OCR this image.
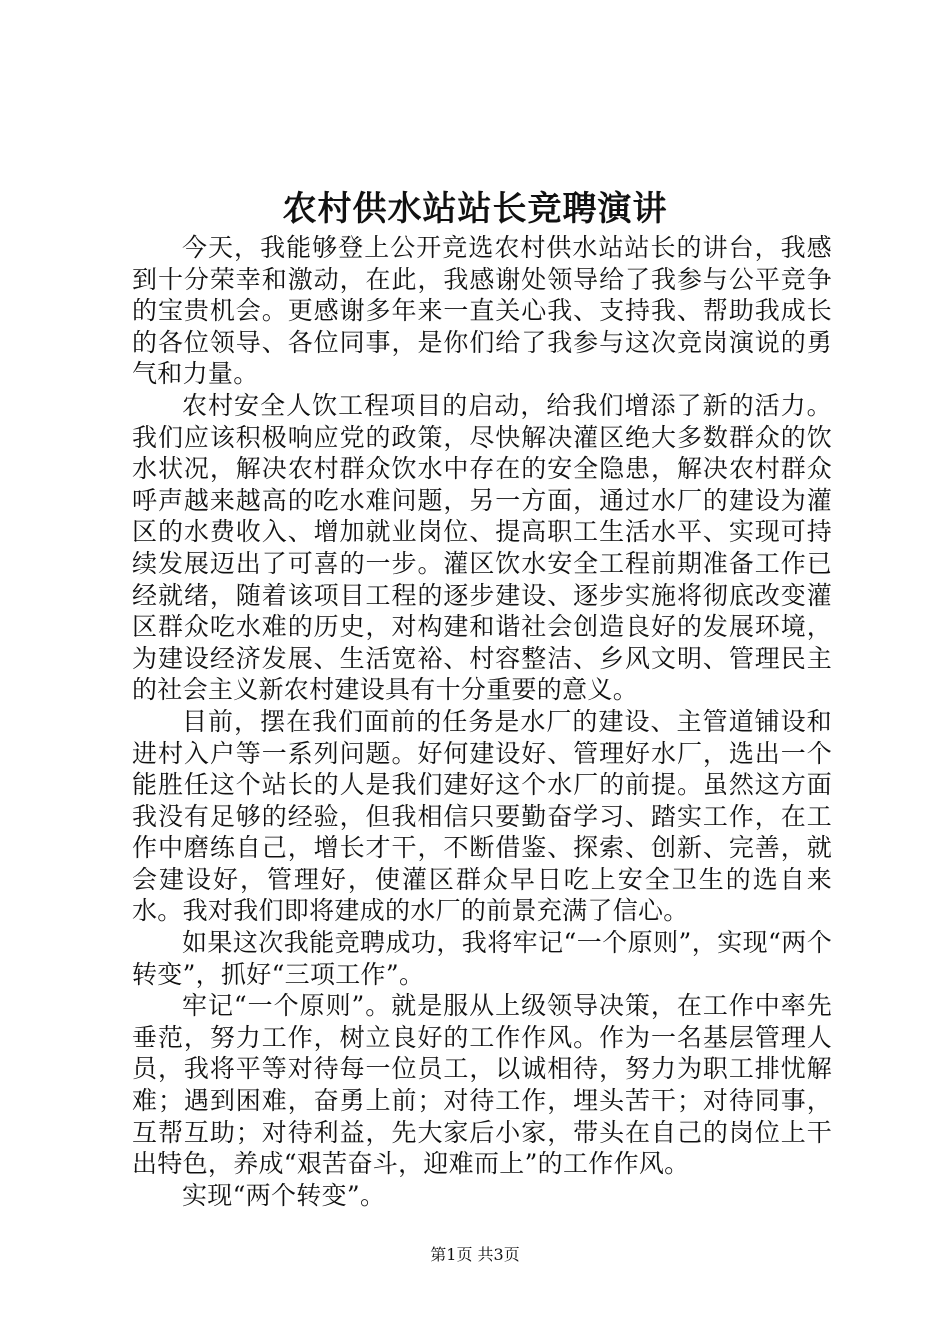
农村供水站站长竞聘演讲

今天，我能够登上公开竞选农村供水站站长的讲台，我感到十分荣幸和激动，在此，我感谢处领导给了我参与公平竞争的宝贵机会。更感谢多年来一直关心我、支持我、帮助我成长的各位领导、各位同事，是你们给了我参与这次竞岗演说的勇气和力量。

农村安全人饮工程项目的启动，给我们增添了新的活力。我们应该积极响应党的政策，尽快解决灌区绝大多数群众的饮水状况，解决农村群众饮水中存在的安全隐患，解决农村群众呼声越来越高的吃水难问题，另一方面，通过水厂的建设为灌区的水费收入、增加就业岗位、提高职工生活水平、实现可持续发展迈出了可喜的一步。灌区饮水安全工程前期准备工作已经就绪，随着该项目工程的逐步建设、逐步实施将彻底改变灌区群众吃水难的历史，对构建和谐社会创造良好的发展环境，为建设经济发展、生活宽裕、村容整洁、乡风文明、管理民主的社会主义新农村建设具有十分重要的意义。

目前，摆在我们面前的任务是水厂的建设、主管道铺设和进村入户等一系列问题。好何建设好、管理好水厂，选出一个能胜任这个站长的人是我们建好这个水厂的前提。虽然这方面我没有足够的经验，但我相信只要勤奋学习、踏实工作，在工作中磨练自己，增长才干，不断借鉴、探索、创新、完善，就会建设好，管理好，使灌区群众早日吃上安全卫生的选自来水。我对我们即将建成的水厂的前景充满了信心。

如果这次我能竞聘成功，我将牢记“一个原则”，实现“两个转变”，抓好“三项工作”。

牢记“一个原则”。就是服从上级领导决策，在工作中率先垂范，努力工作，树立良好的工作作风。作为一名基层管理人员，我将平等对待每一位员工，以诚相待，努力为职工排忧解难；遇到困难，奋勇上前；对待工作，埋头苦干；对待同事，互帮互助；对待利益，先大家后小家，带头在自己的岗位上干出特色，养成“艰苦奋斗，迎难而上”的工作作风。

实现“两个转变”。

第1页 共3页
